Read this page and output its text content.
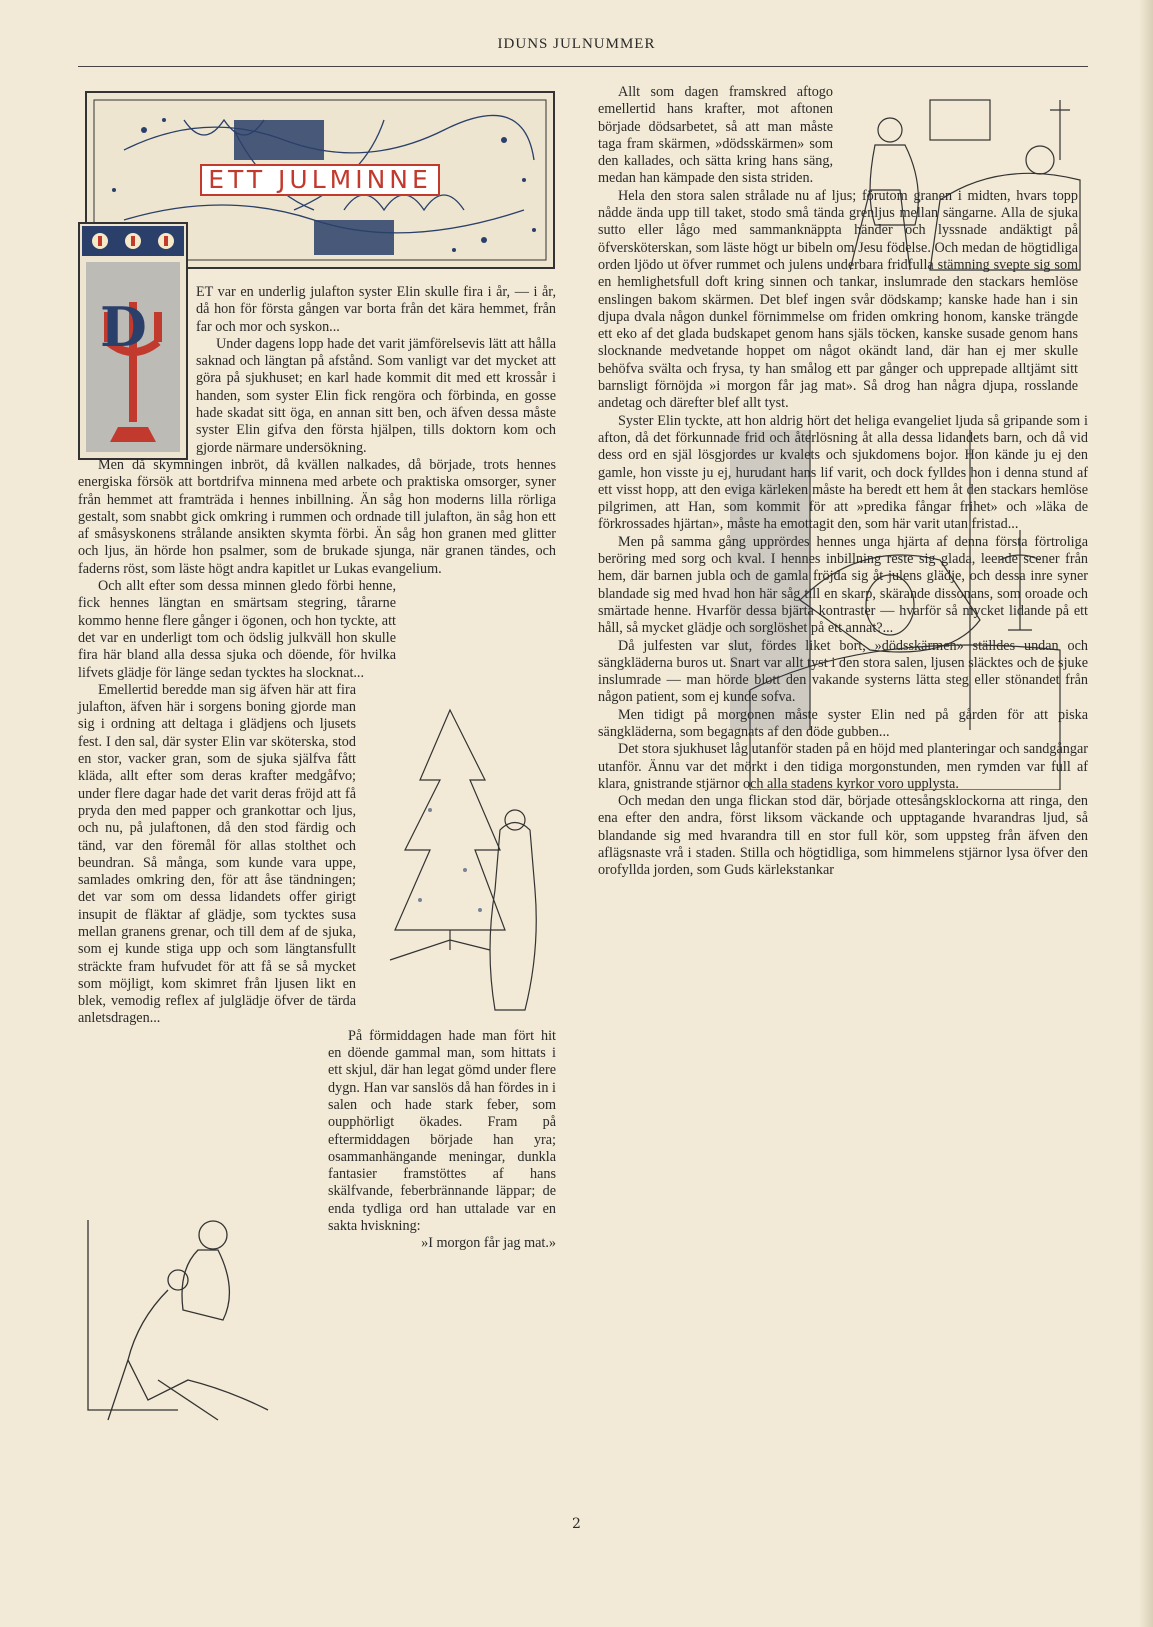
IDUNS JULNUMMER
ETT JULMINNE
D

ET var en underlig julafton syster Elin skulle fira i år, — i år, då hon för första gången var borta från det kära hemmet, från far och mor och syskon...

Under dagens lopp hade det varit jämförelsevis lätt att hålla saknad och längtan på afstånd. Som vanligt var det mycket att göra på sjukhuset; en karl hade kommit dit med ett krossår i handen, som syster Elin fick rengöra och förbinda, en gosse hade skadat sitt öga, en annan sitt ben, och äfven dessa måste syster Elin gifva den första hjälpen, tills doktorn kom och gjorde närmare undersökning.

Men då skymningen inbröt, då kvällen nalkades, då började, trots hennes energiska försök att bortdrifva minnena med arbete och praktiska omsorger, syner från hemmet att framträda i hennes inbillning. Än såg hon moderns lilla rörliga gestalt, som snabbt gick omkring i rummen och ordnade till julafton, än såg hon ett af småsyskonens strålande ansikten skymta förbi. Än såg hon granen med glitter och ljus, än hörde hon psalmer, som de brukade sjunga, när granen tändes, och faderns röst, som läste högt andra kapitlet ur Lukas evangelium.

Och allt efter som dessa minnen gledo förbi henne, fick hennes längtan en smärtsam stegring, tårarne kommo henne flere gånger i ögonen, och hon tyckte, att det var en underligt tom och ödslig julkväll hon skulle fira här bland alla dessa sjuka och döende, för hvilka lifvets glädje för länge sedan tycktes ha slocknat...

Emellertid beredde man sig äfven här att fira julafton, äfven här i sorgens boning gjorde man sig i ordning att deltaga i glädjens och ljusets fest. I den sal, där syster Elin var sköterska, stod en stor, vacker gran, som de sjuka själfva fått kläda, allt efter som deras krafter medgåfvo; under flere dagar hade det varit deras fröjd att få pryda den med papper och grankottar och ljus, och nu, på julaftonen, då den stod färdig och tänd, var den föremål för allas stolthet och beundran. Så många, som kunde vara uppe, samlades omkring den, för att åse tändningen; det var som om dessa lidandets offer girigt insupit de fläktar af glädje, som tycktes susa mellan granens grenar, och till dem af de sjuka, som ej kunde stiga upp och som längtansfullt sträckte fram hufvudet för att få se så mycket som möjligt, kom skimret från ljusen likt en blek, vemodig reflex af julglädje öfver de tärda anletsdragen...

På förmiddagen hade man fört hit en döende gammal man, som hittats i ett skjul, där han legat gömd under flere dygn. Han var sanslös då han fördes in i salen och hade stark feber, som oupphörligt ökades. Fram på eftermiddagen började han yra; osammanhängande meningar, dunkla fantasier framstöttes af hans skälfvande, feberbrännande läppar; de enda tydliga ord han uttalade var en sakta hviskning:

»I morgon får jag mat.»

Allt som dagen framskred aftogo emellertid hans krafter, mot aftonen började dödsarbetet, så att man måste taga fram skärmen, »dödsskärmen» som den kallades, och sätta kring hans säng, medan han kämpade den sista striden.

Hela den stora salen strålade nu af ljus; förutom granen i midten, hvars topp nådde ända upp till taket, stodo små tända grenljus mellan sängarne. Alla de sjuka sutto eller lågo med sammanknäppta händer och lyssnade andäktigt på öfversköterskan, som läste högt ur bibeln om Jesu födelse. Och medan de högtidliga orden ljödo ut öfver rummet och julens underbara fridfulla stämning svepte sig som en hemlighetsfull doft kring sinnen och tankar, inslumrade den stackars hemlöse enslingen bakom skärmen. Det blef ingen svår dödskamp; kanske hade han i sin djupa dvala någon dunkel förnimmelse om friden omkring honom, kanske trängde ett eko af det glada budskapet genom hans själs töcken, kanske susade genom hans slocknande medvetande hoppet om något okändt land, där han ej mer skulle behöfva svälta och frysa, ty han smålog ett par gånger och upprepade alltjämt sitt barnsligt förnöjda »i morgon får jag mat». Så drog han några djupa, rosslande andetag och därefter blef allt tyst.

Syster Elin tyckte, att hon aldrig hört det heliga evangeliet ljuda så gripande som i afton, då det förkunnade frid och återlösning åt alla dessa lidandets barn, och då vid dess ord en själ lösgjordes ur kvalets och sjukdomens bojor. Hon kände ju ej den gamle, hon visste ju ej, hurudant hans lif varit, och dock fylldes hon i denna stund af ett visst hopp, att den eviga kärleken måste ha beredt ett hem åt den stackars hemlöse pilgrimen, att Han, som kommit för att »predika fångar frihet» och »läka de förkrossades hjärtan», måste ha emottagit den, som här varit utan fristad...

Men på samma gång upprördes hennes unga hjärta af denna första förtroliga beröring med sorg och kval. I hennes inbillning reste sig glada, leende scener från hem, där barnen jubla och de gamla fröjda sig åt julens glädje, och dessa inre syner blandade sig med hvad hon här såg till en skarp, skärande dissonans, som oroade och smärtade henne. Hvarför dessa bjärta kontraster — hvarför så mycket lidande på ett håll, så mycket glädje och sorglöshet på ett annat?...

Då julfesten var slut, fördes liket bort, »dödsskärmen» ställdes undan och sängkläderna buros ut. Snart var allt tyst i den stora salen, ljusen släcktes och de sjuke inslumrade — man hörde blott den vakande systerns lätta steg eller stönandet från någon patient, som ej kunde sofva.

Men tidigt på morgonen måste syster Elin ned på gården för att piska sängkläderna, som begagnats af den döde gubben...

Det stora sjukhuset låg utanför staden på en höjd med planteringar och sandgångar utanför. Ännu var det mörkt i den tidiga morgonstunden, men rymden var full af klara, gnistrande stjärnor och alla stadens kyrkor voro upplysta.

Och medan den unga flickan stod där, började ottesångsklockorna att ringa, den ena efter den andra, först liksom väckande och upptagande hvarandras ljud, så blandande sig med hvarandra till en stor full kör, som uppsteg från äfven den aflägsnaste vrå i staden. Stilla och högtidliga, som himmelens stjärnor lysa öfver den orofyllda jorden, som Guds kärlekstankar

2
